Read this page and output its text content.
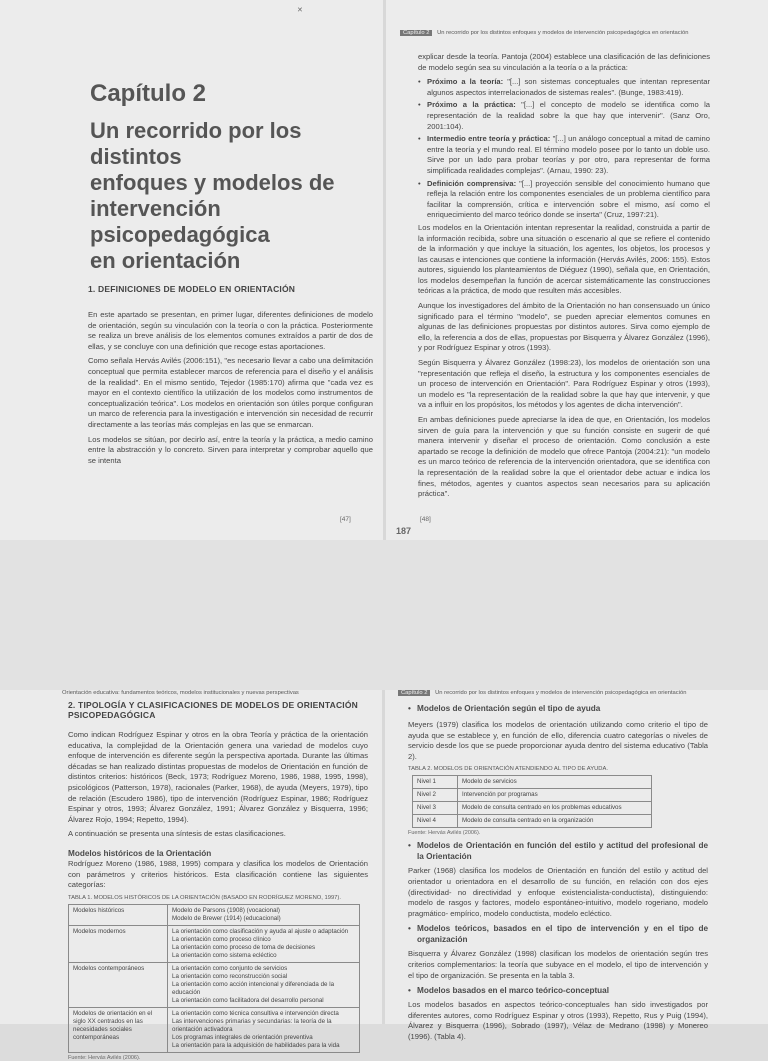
✕

Capítulo 2

Un recorrido por los distintos

enfoques y modelos de

intervención psicopedagógica

en orientación

1. DEFINICIONES DE MODELO EN ORIENTACIÓN

En este apartado se presentan, en primer lugar, diferentes definiciones de modelo de orientación, según su vinculación con la teoría o con la práctica. Posteriormente se realiza un breve análisis de los elementos comunes extraídos a partir de dos de ellas, y se concluye con una definición que recoge estas aportaciones.

Como señala Hervás Avilés (2006:151), "es necesario llevar a cabo una delimitación conceptual que permita establecer marcos de referencia para el diseño y el análisis de la realidad". En el mismo sentido, Tejedor (1985:170) afirma que "cada vez es mayor en el contexto científico la utilización de los modelos como instrumentos de conceptualización teórica". Los modelos en orientación son útiles porque configuran un marco de referencia para la investigación e intervención sin necesidad de recurrir directamente a las teorías más complejas en las que se enmarcan.

Los modelos se sitúan, por decirlo así, entre la teoría y la práctica, a medio camino entre la abstracción y lo concreto. Sirven para interpretar y comprobar aquello que se intenta

[47]
Capítulo 2 Un recorrido por los distintos enfoques y modelos de intervención psicopedagógica en orientación

explicar desde la teoría. Pantoja (2004) establece una clasificación de las definiciones de modelo según sea su vinculación a la teoría o a la práctica:

• Próximo a la teoría: "[...] son sistemas conceptuales que intentan representar algunos aspectos interrelacionados de sistemas reales". (Bunge, 1983:419).

• Próximo a la práctica: "[...] el concepto de modelo se identifica como la representación de la realidad sobre la que hay que intervenir". (Sanz Oro, 2001:104).

• Intermedio entre teoría y práctica: "[...] un análogo conceptual a mitad de camino entre la teoría y el mundo real. El término modelo posee por lo tanto un doble uso. Sirve por un lado para probar teorías y por otro, para representar de forma simplificada realidades complejas". (Arnau, 1990: 23).

• Definición comprensiva: "[...] proyección sensible del conocimiento humano que refleja la relación entre los componentes esenciales de un problema científico para facilitar la comprensión, crítica e intervención sobre el mismo, así como el enriquecimiento del marco teórico donde se inserta" (Cruz, 1997:21).

Los modelos en la Orientación intentan representar la realidad, construida a partir de la información recibida, sobre una situación o escenario al que se refiere el contenido de la información y que incluye la situación, los agentes, los objetos, los procesos y las causas e intenciones que contiene la información (Hervás Avilés, 2006: 155). Estos autores, siguiendo los planteamientos de Diéguez (1990), señala que, en Orientación, los modelos desempeñan la función de acercar sistemáticamente las construcciones teóricas a la práctica, de modo que resulten más accesibles.

Aunque los investigadores del ámbito de la Orientación no han consensuado un único significado para el término "modelo", se pueden apreciar elementos comunes en algunas de las definiciones propuestas por distintos autores. Sirva como ejemplo de ello, la referencia a dos de ellas, propuestas por Bisquerra y Álvarez González (1996), y por Rodríguez Espinar y otros (1993).

Según Bisquerra y Álvarez González (1998:23), los modelos de orientación son una "representación que refleja el diseño, la estructura y los componentes esenciales de un proceso de intervención en Orientación". Para Rodríguez Espinar y otros (1993), un modelo es "la representación de la realidad sobre la que hay que intervenir, y que va a influir en los propósitos, los métodos y los agentes de dicha intervención".

En ambas definiciones puede apreciarse la idea de que, en Orientación, los modelos sirven de guía para la intervención y que su función consiste en sugerir de qué manera intervenir y diseñar el proceso de orientación. Como conclusión a este apartado se recoge la definición de modelo que ofrece Pantoja (2004:21): "un modelo es un marco teórico de referencia de la intervención orientadora, que se identifica con la representación de la realidad sobre la que el orientador debe actuar e indica los fines, métodos, agentes y cuantos aspectos sean necesarios para su aplicación práctica".

[48]
187
Orientación educativa: fundamentos teóricos, modelos institucionales y nuevas perspectivas

2. TIPOLOGÍA Y CLASIFICACIONES DE MODELOS DE ORIENTACIÓN PSICOPEDAGÓGICA

Como indican Rodríguez Espinar y otros en la obra Teoría y práctica de la orientación educativa, la complejidad de la Orientación genera una variedad de modelos cuyo enfoque de intervención es diferente según la perspectiva aportada. Durante las últimas décadas se han realizado distintas propuestas de modelos de Orientación en función de distintos criterios: históricos (Beck, 1973; Rodríguez Moreno, 1986, 1988, 1995, 1998), psicológicos (Patterson, 1978), racionales (Parker, 1968), de ayuda (Meyers, 1979), tipo de relación (Escudero 1986), tipo de intervención (Rodríguez Espinar, 1986; Rodríguez Espinar y otros, 1993; Álvarez González, 1991; Álvarez González y Bisquerra, 1996; Álvarez Rojo, 1994; Repetto, 1994).

A continuación se presenta una síntesis de estas clasificaciones.

Modelos históricos de la Orientación

Rodríguez Moreno (1986, 1988, 1995) compara y clasifica los modelos de Orientación con parámetros y criterios históricos. Esta clasificación contiene las siguientes categorías:

TABLA 1. MODELOS HISTÓRICOS DE LA ORIENTACIÓN (BASADO EN RODRÍGUEZ MORENO, 1997).

Modelos históricos	Modelo de Parsons (1908) (vocacional)
Modelo de Brewer (1914) (educacional)

Modelos modernos	La orientación como clasificación y ayuda al ajuste o adaptación
La orientación como proceso clínico
La orientación como proceso de toma de decisiones
La orientación como sistema ecléctico

Modelos contemporáneos	La orientación como conjunto de servicios
La orientación como reconstrucción social
La orientación como acción intencional y diferenciada de la educación
La orientación como facilitadora del desarrollo personal

Modelos de orientación en el siglo XX centrados en las necesidades sociales contemporáneas	La orientación como técnica consultiva e intervención directa
Las intervenciones primarias y secundarias: la teoría de la orientación activadora
Los programas integrales de orientación preventiva
La orientación para la adquisición de habilidades para la vida

Fuente: Hervás Avilés (2006).

Capítulo 2 Un recorrido por los distintos enfoques y modelos de intervención psicopedagógica en orientación

• Modelos de Orientación según el tipo de ayuda

Meyers (1979) clasifica los modelos de orientación utilizando como criterio el tipo de ayuda que se establece y, en función de ello, diferencia cuatro categorías o niveles de servicio desde los que se puede proporcionar ayuda dentro del sistema educativo (Tabla 2).

TABLA 2. MODELOS DE ORIENTACIÓN ATENDIENDO AL TIPO DE AYUDA.

Nivel 1	Modelo de servicios
Nivel 2	Intervención por programas
Nivel 3	Modelo de consulta centrado en los problemas educativos
Nivel 4	Modelo de consulta centrado en la organización

Fuente: Hervás Avilés (2006).

• Modelos de Orientación en función del estilo y actitud del profesional de la Orientación

Parker (1968) clasifica los modelos de Orientación en función del estilo y actitud del orientador u orientadora en el desarrollo de su función, en relación con dos ejes (directividad- no directividad y enfoque existencialista-conductista), distinguiendo: modelo de rasgos y factores, modelo espontáneo-intuitivo, modelo rogeriano, modelo pragmático- empírico, modelo conductista, modelo ecléctico.

• Modelos teóricos, basados en el tipo de intervención y en el tipo de organización

Bisquerra y Álvarez González (1998) clasifican los modelos de orientación según tres criterios complementarios: la teoría que subyace en el modelo, el tipo de intervención y el tipo de organización. Se presenta en la tabla 3.

• Modelos basados en el marco teórico-conceptual

Los modelos basados en aspectos teórico-conceptuales han sido investigados por diferentes autores, como Rodríguez Espinar y otros (1993), Repetto, Rus y Puig (1994), Álvarez y Bisquerra (1996), Sobrado (1997), Vélaz de Medrano (1998) y Monereo (1996). (Tabla 4).
